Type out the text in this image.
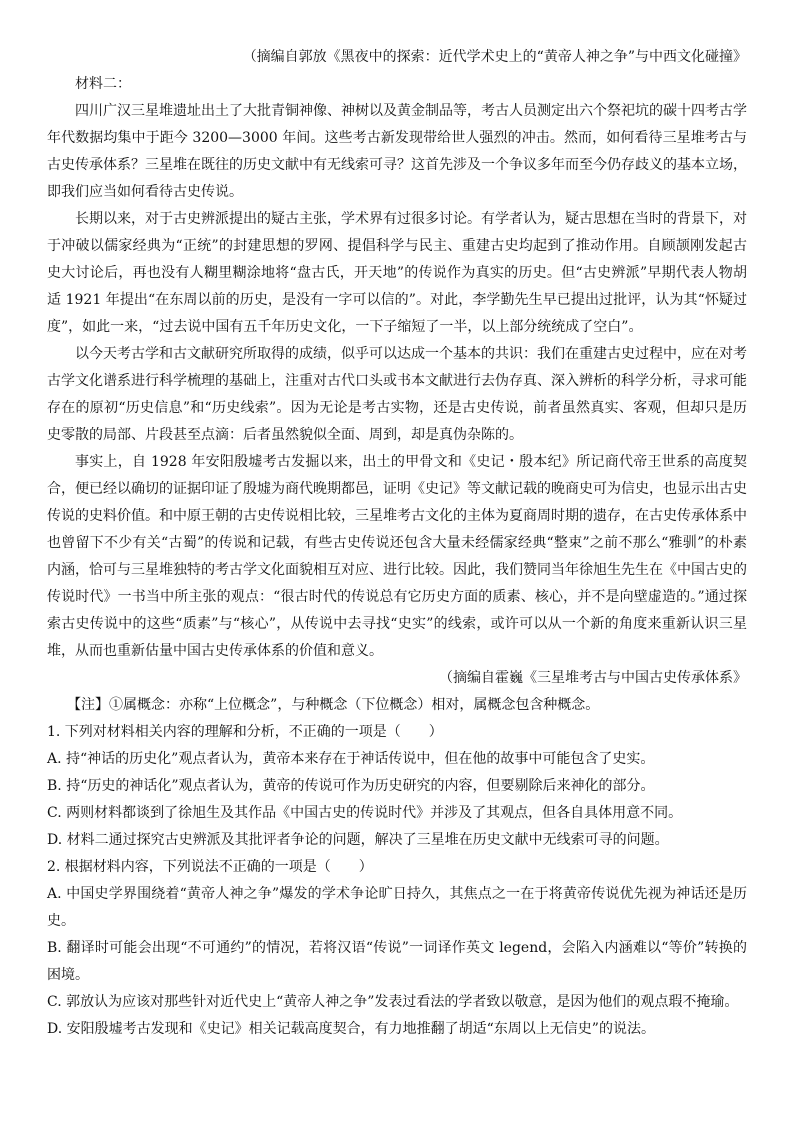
（摘编自郭放《黑夜中的探索：近代学术史上的“黄帝人神之争”与中西文化碰撞》
材料二：

四川广汉三星堆遗址出土了大批青铜神像、神树以及黄金制品等，考古人员测定出六个祭祀坑的碳十四考古学年代数据均集中于距今 3200—3000 年间。这些考古新发现带给世人强烈的冲击。然而，如何看待三星堆考古与古史传承体系？三星堆在既往的历史文献中有无线索可寻？这首先涉及一个争议多年而至今仍存歧义的基本立场，即我们应当如何看待古史传说。

长期以来，对于古史辨派提出的疑古主张，学术界有过很多讨论。有学者认为，疑古思想在当时的背景下，对于冲破以儒家经典为“正统”的封建思想的罗网、提倡科学与民主、重建古史均起到了推动作用。自顾颉刚发起古史大讨论后，再也没有人糊里糊涂地将“盘古氏，开天地”的传说作为真实的历史。但“古史辨派”早期代表人物胡适 1921 年提出“在东周以前的历史，是没有一字可以信的”。对此，李学勤先生早已提出过批评，认为其“怀疑过度”，如此一来，“过去说中国有五千年历史文化，一下子缩短了一半，以上部分统统成了空白”。

以今天考古学和古文献研究所取得的成绩，似乎可以达成一个基本的共识：我们在重建古史过程中，应在对考古学文化谱系进行科学梳理的基础上，注重对古代口头或书本文献进行去伪存真、深入辨析的科学分析，寻求可能存在的原初“历史信息”和“历史线索”。因为无论是考古实物，还是古史传说，前者虽然真实、客观，但却只是历史零散的局部、片段甚至点滴：后者虽然貌似全面、周到，却是真伪杂陈的。

事实上，自 1928 年安阳殷墟考古发掘以来，出土的甲骨文和《史记・殷本纪》所记商代帝王世系的高度契合，便已经以确切的证据印证了殷墟为商代晚期都邑，证明《史记》等文献记载的晚商史可为信史，也显示出古史传说的史料价值。和中原王朝的古史传说相比较，三星堆考古文化的主体为夏商周时期的遗存，在古史传承体系中也曾留下不少有关“古蜀”的传说和记载，有些古史传说还包含大量未经儒家经典“整束”之前不那么“雅驯”的朴素内涵，恰可与三星堆独特的考古学文化面貌相互对应、进行比较。因此，我们赞同当年徐旭生先生在《中国古史的传说时代》一书当中所主张的观点：“很古时代的传说总有它历史方面的质素、核心，并不是向壁虚造的。”通过探索古史传说中的这些“质素”与“核心”，从传说中去寻找“史实”的线索，或许可以从一个新的角度来重新认识三星堆，从而也重新估量中国古史传承体系的价值和意义。

（摘编自霍巍《三星堆考古与中国古史传承体系》
【注】①属概念：亦称“上位概念”，与种概念（下位概念）相对，属概念包含种概念。
1. 下列对材料相关内容的理解和分析，不正确的一项是（　　）
A. 持“神话的历史化”观点者认为，黄帝本来存在于神话传说中，但在他的故事中可能包含了史实。
B. 持“历史的神话化”观点者认为，黄帝的传说可作为历史研究的内容，但要剔除后来神化的部分。
C. 两则材料都谈到了徐旭生及其作品《中国古史的传说时代》并涉及了其观点，但各自具体用意不同。
D. 材料二通过探究古史辨派及其批评者争论的问题，解决了三星堆在历史文献中无线索可寻的问题。
2. 根据材料内容，下列说法不正确的一项是（　　）
A. 中国史学界围绕着“黄帝人神之争”爆发的学术争论旷日持久，其焦点之一在于将黄帝传说优先视为神话还是历史。
B. 翻译时可能会出现“不可通约”的情况，若将汉语“传说”一词译作英文 legend，会陷入内涵难以“等价”转换的困境。
C. 郭放认为应该对那些针对近代史上“黄帝人神之争”发表过看法的学者致以敬意，是因为他们的观点瑕不掩瑜。
D. 安阳殷墟考古发现和《史记》相关记载高度契合，有力地推翻了胡适“东周以上无信史”的说法。
